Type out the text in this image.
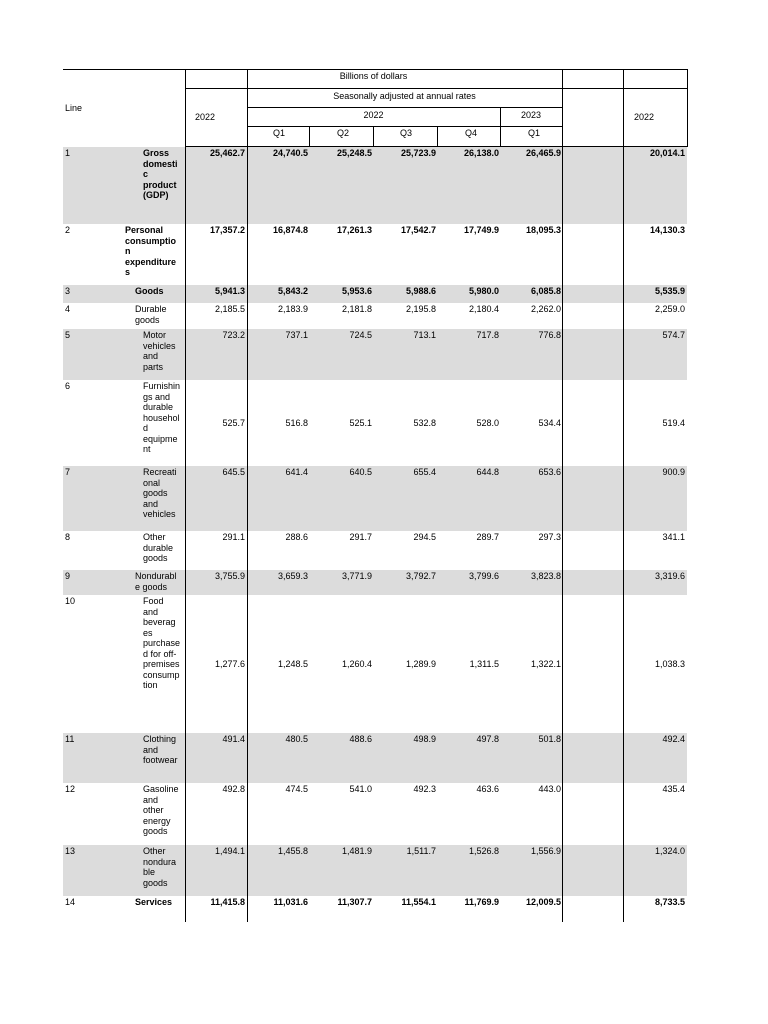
Billions of dollars
Seasonally adjusted at annual rates
Line
2022	2022	2023	2022
Q1	Q2	Q3	Q4	Q1
1	Gross
domesti
c
product
(GDP)
25,462.7	24,740.5	25,248.5	25,723.9	26,138.0	26,465.9	20,014.1
2	Personal
consumptio
n
expenditure
s
17,357.2	16,874.8	17,261.3	17,542.7	17,749.9	18,095.3	14,130.3
3	Goods	5,941.3	5,843.2	5,953.6	5,988.6	5,980.0	6,085.8	5,535.9
4	Durable
goods
2,185.5	2,183.9	2,181.8	2,195.8	2,180.4	2,262.0	2,259.0
5	Motor
vehicles
and
parts
723.2	737.1	724.5	713.1	717.8	776.8	574.7
6	Furnishin
gs and
durable
househol
d
equipme
nt
525.7	516.8	525.1	532.8	528.0	534.4	519.4
7	Recreati
onal
goods
and
vehicles
645.5	641.4	640.5	655.4	644.8	653.6	900.9
8	Other
durable
goods
291.1	288.6	291.7	294.5	289.7	297.3	341.1
9	Nondurabl
e goods
3,755.9	3,659.3	3,771.9	3,792.7	3,799.6	3,823.8	3,319.6
10	Food
and
beverag
es
purchase
d for off-
premises
consump
tion
1,277.6	1,248.5	1,260.4	1,289.9	1,311.5	1,322.1	1,038.3
11	Clothing
and
footwear
491.4	480.5	488.6	498.9	497.8	501.8	492.4
12	Gasoline
and
other
energy
goods
492.8	474.5	541.0	492.3	463.6	443.0	435.4
13	Other
nondura
ble
goods
1,494.1	1,455.8	1,481.9	1,511.7	1,526.8	1,556.9	1,324.0
14	Services	11,415.8	11,031.6	11,307.7	11,554.1	11,769.9	12,009.5	8,733.5
